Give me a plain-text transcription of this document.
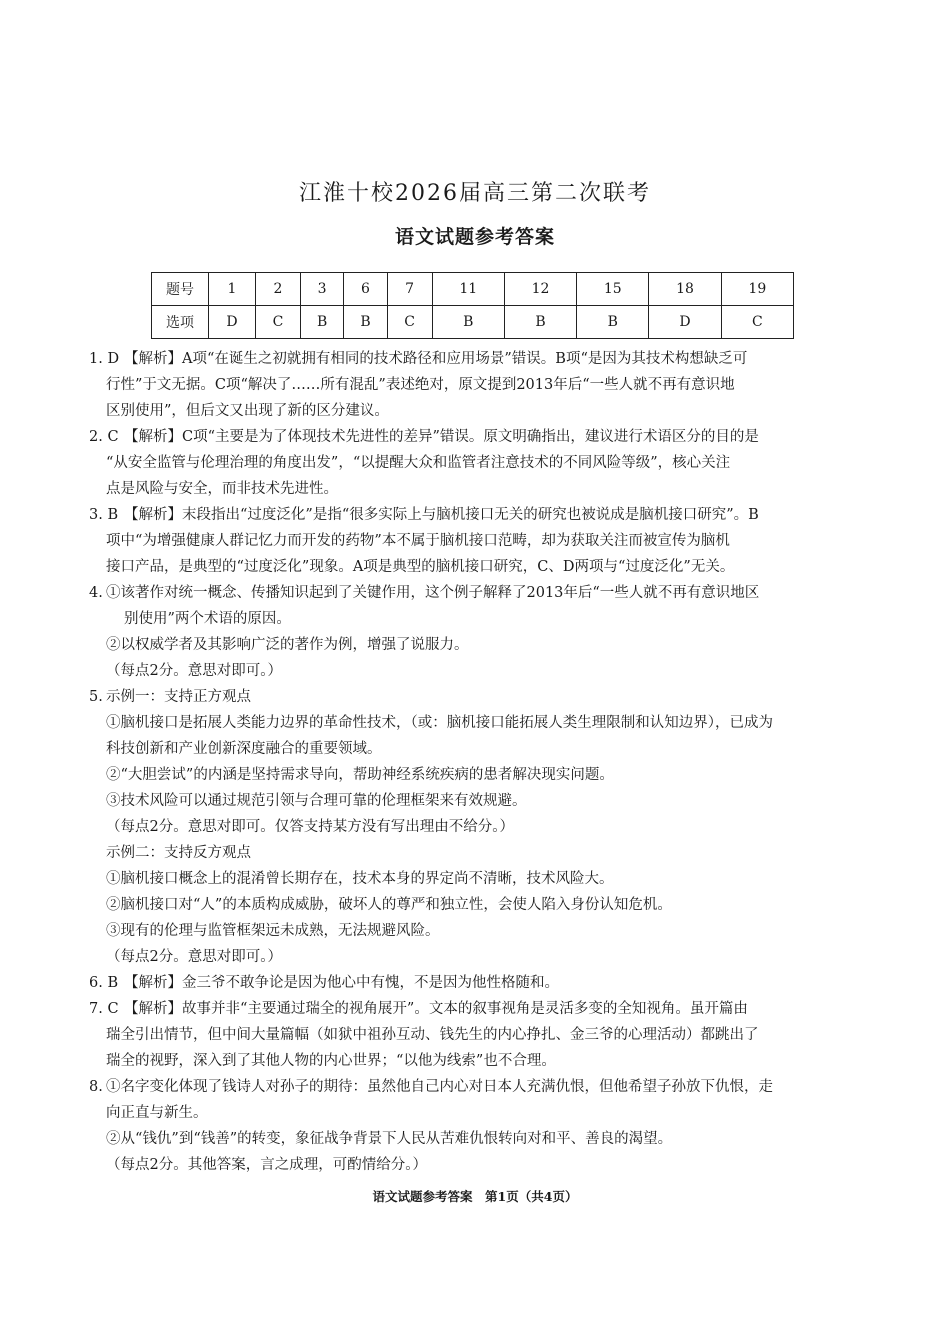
江淮十校2026届高三第二次联考
语文试题参考答案
题号	1	2	3	6	7	11	12	15	18	19
选项	D	C	B	B	C	B	B	B	D	C
1. D 【解析】A项“在诞生之初就拥有相同的技术路径和应用场景”错误。B项“是因为其技术构想缺乏可
行性”于文无据。C项“解决了……所有混乱”表述绝对，原文提到2013年后“一些人就不再有意识地
区别使用”，但后文又出现了新的区分建议。
2. C 【解析】C项“主要是为了体现技术先进性的差异”错误。原文明确指出，建议进行术语区分的目的是
“从安全监管与伦理治理的角度出发”，“以提醒大众和监管者注意技术的不同风险等级”，核心关注
点是风险与安全，而非技术先进性。
3. B 【解析】末段指出“过度泛化”是指“很多实际上与脑机接口无关的研究也被说成是脑机接口研究”。B
项中“为增强健康人群记忆力而开发的药物”本不属于脑机接口范畴，却为获取关注而被宣传为脑机
接口产品，是典型的“过度泛化”现象。A项是典型的脑机接口研究，C、D两项与“过度泛化”无关。
4. ①该著作对统一概念、传播知识起到了关键作用，这个例子解释了2013年后“一些人就不再有意识地区
别使用”两个术语的原因。
②以权威学者及其影响广泛的著作为例，增强了说服力。
（每点2分。意思对即可。）
5. 示例一：支持正方观点
①脑机接口是拓展人类能力边界的革命性技术，（或：脑机接口能拓展人类生理限制和认知边界），已成为
科技创新和产业创新深度融合的重要领域。
②“大胆尝试”的内涵是坚持需求导向，帮助神经系统疾病的患者解决现实问题。
③技术风险可以通过规范引领与合理可靠的伦理框架来有效规避。
（每点2分。意思对即可。仅答支持某方没有写出理由不给分。）
示例二：支持反方观点
①脑机接口概念上的混淆曾长期存在，技术本身的界定尚不清晰，技术风险大。
②脑机接口对“人”的本质构成威胁，破坏人的尊严和独立性，会使人陷入身份认知危机。
③现有的伦理与监管框架远未成熟，无法规避风险。
（每点2分。意思对即可。）
6. B 【解析】金三爷不敢争论是因为他心中有愧，不是因为他性格随和。
7. C 【解析】故事并非“主要通过瑞全的视角展开”。文本的叙事视角是灵活多变的全知视角。虽开篇由
瑞全引出情节，但中间大量篇幅（如狱中祖孙互动、钱先生的内心挣扎、金三爷的心理活动）都跳出了
瑞全的视野，深入到了其他人物的内心世界；“以他为线索”也不合理。
8. ①名字变化体现了钱诗人对孙子的期待：虽然他自己内心对日本人充满仇恨，但他希望子孙放下仇恨，走
向正直与新生。
②从“钱仇”到“钱善”的转变，象征战争背景下人民从苦难仇恨转向对和平、善良的渴望。
（每点2分。其他答案，言之成理，可酌情给分。）
语文试题参考答案　第1页（共4页）
